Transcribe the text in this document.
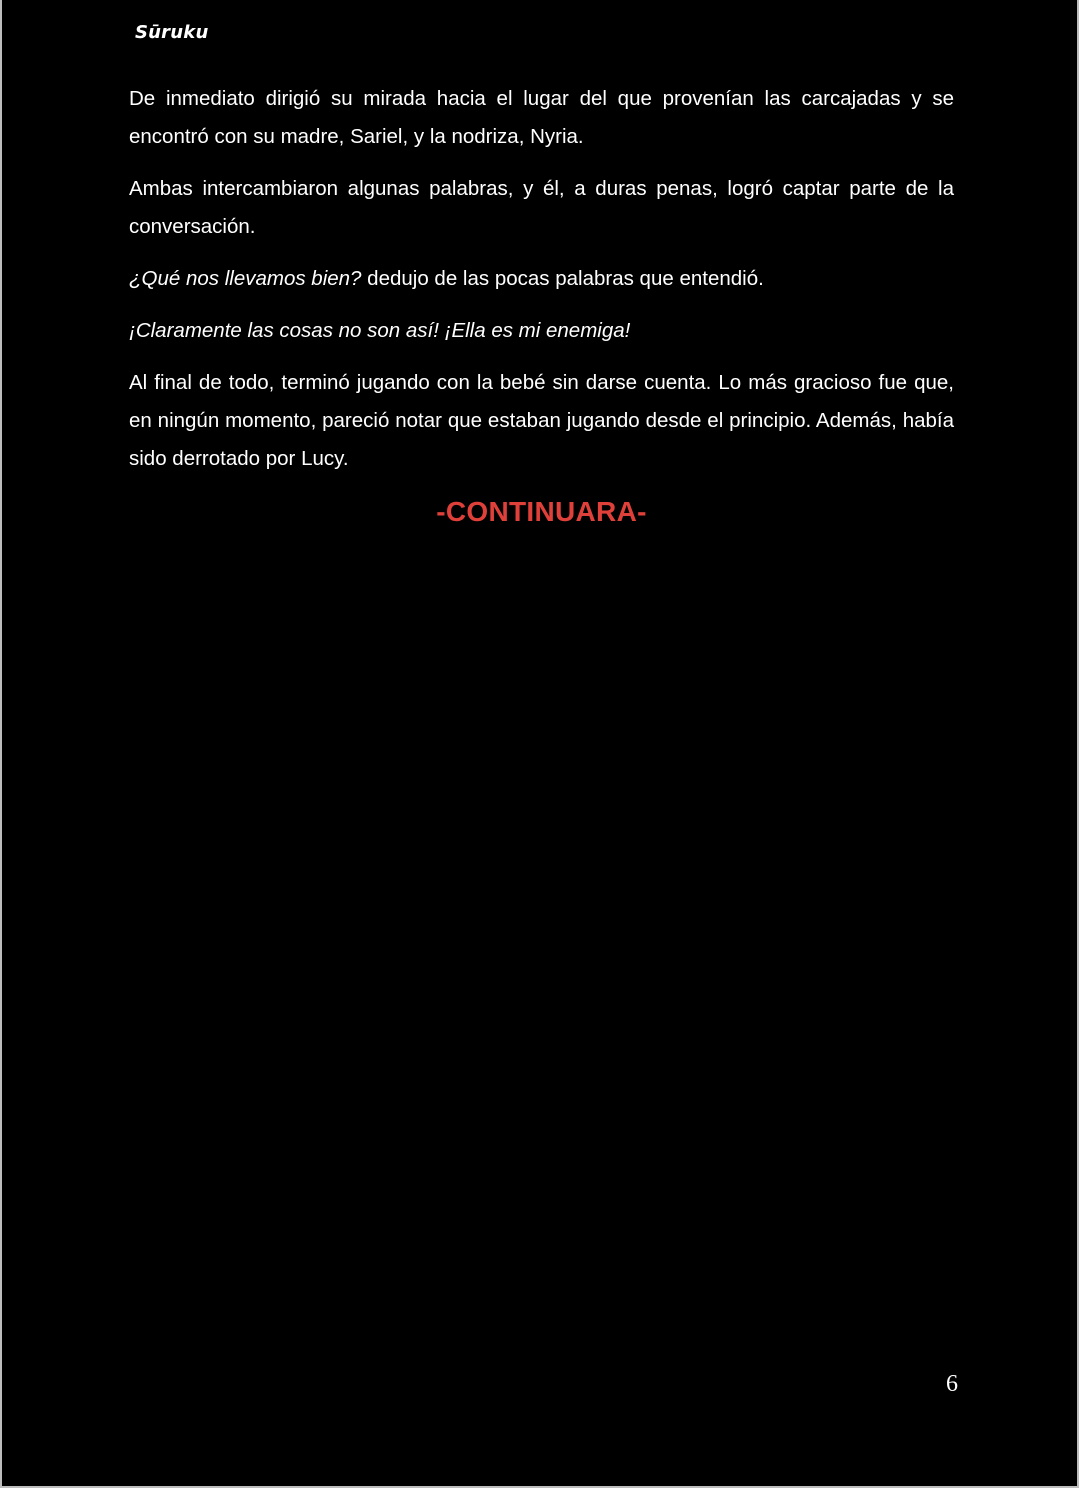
Sūruku

De inmediato dirigió su mirada hacia el lugar del que provenían las carcajadas y se encontró con su madre, Sariel, y la nodriza, Nyria.

Ambas intercambiaron algunas palabras, y él, a duras penas, logró captar parte de la conversación.

¿Qué nos llevamos bien? dedujo de las pocas palabras que entendió.

¡Claramente las cosas no son así! ¡Ella es mi enemiga!

Al final de todo, terminó jugando con la bebé sin darse cuenta. Lo más gracioso fue que, en ningún momento, pareció notar que estaban jugando desde el principio. Además, había sido derrotado por Lucy.

-CONTINUARA-
6
